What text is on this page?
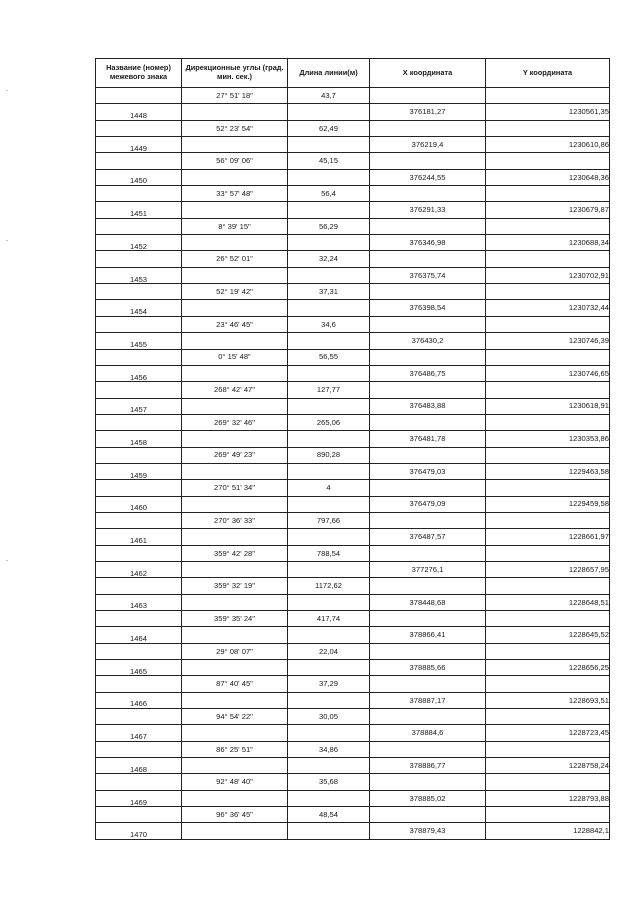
Название (номер) межевого знака	Дирекционные углы (град. мин. сек.)	Длина линии(м)	X координата	Y координата
	27° 51' 18"	43,7		
1448			376181,27	1230561,35
	52° 23' 54"	62,49		
1449			376219,4	1230610,86
	56° 09' 06"	45,15		
1450			376244,55	1230648,36
	33° 57' 48"	56,4		
1451			376291,33	1230679,87
	8° 39' 15"	56,29		
1452			376346,98	1230688,34
	26° 52' 01"	32,24		
1453			376375,74	1230702,91
	52° 19' 42"	37,31		
1454			376398,54	1230732,44
	23° 46' 45"	34,6		
1455			376430,2	1230746,39
	0° 15' 48"	56,55		
1456			376486,75	1230746,65
	268° 42' 47"	127,77		
1457			376483,88	1230618,91
	269° 32' 46"	265,06		
1458			376481,78	1230353,86
	269° 49' 23"	890,28		
1459			376479,03	1229463,58
	270° 51' 34"	4		
1460			376479,09	1229459,58
	270° 36' 33"	797,66		
1461			376487,57	1228661,97
	359° 42' 28"	788,54		
1462			377276,1	1228657,95
	359° 32' 19"	1172,62		
1463			378448,68	1228648,51
	359° 35' 24"	417,74		
1464			378866,41	1228645,52
	29° 08' 07"	22,04		
1465			378885,66	1228656,25
	87° 40' 45"	37,29		
1466			378887,17	1228693,51
	94° 54' 22"	30,05		
1467			378884,6	1228723,45
	86° 25' 51"	34,86		
1468			378886,77	1228758,24
	92° 48' 40"	35,68		
1469			378885,02	1228793,88
	96° 36' 45"	48,54		
1470			378879,43	1228842,1
